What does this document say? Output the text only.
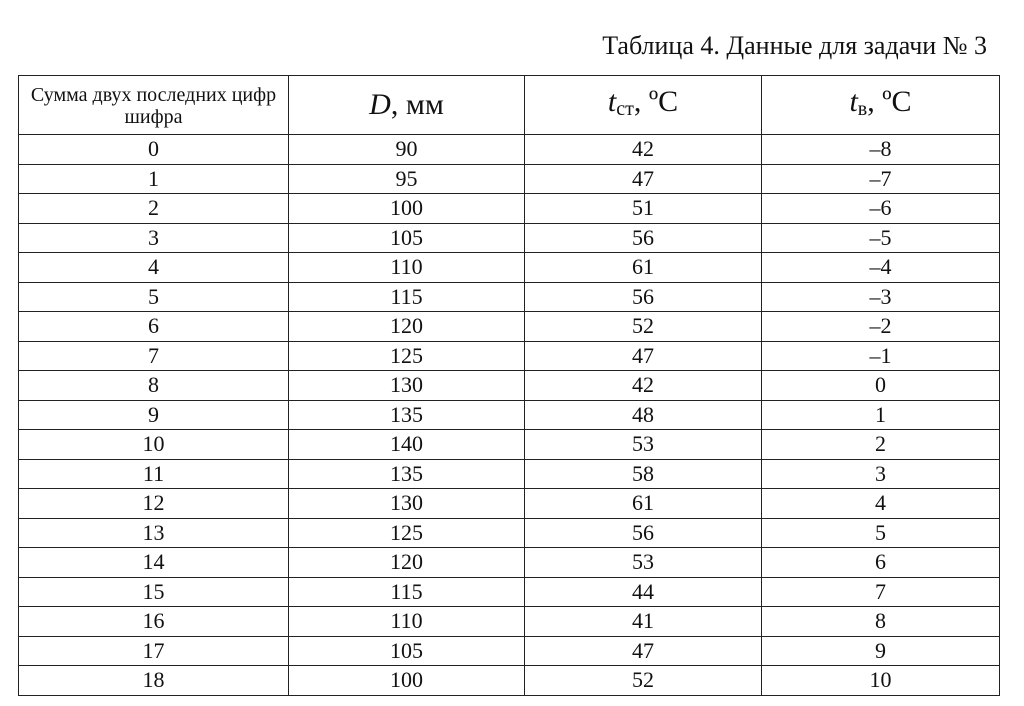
Таблица 4. Данные для задачи № 3
Сумма двух последних цифр шифра	D, мм	$t_{ст}$, ºС	$t_в$, ºС
0	90	42	–8
1	95	47	–7
2	100	51	–6
3	105	56	–5
4	110	61	–4
5	115	56	–3
6	120	52	–2
7	125	47	–1
8	130	42	0
9	135	48	1
10	140	53	2
11	135	58	3
12	130	61	4
13	125	56	5
14	120	53	6
15	115	44	7
16	110	41	8
17	105	47	9
18	100	52	10
